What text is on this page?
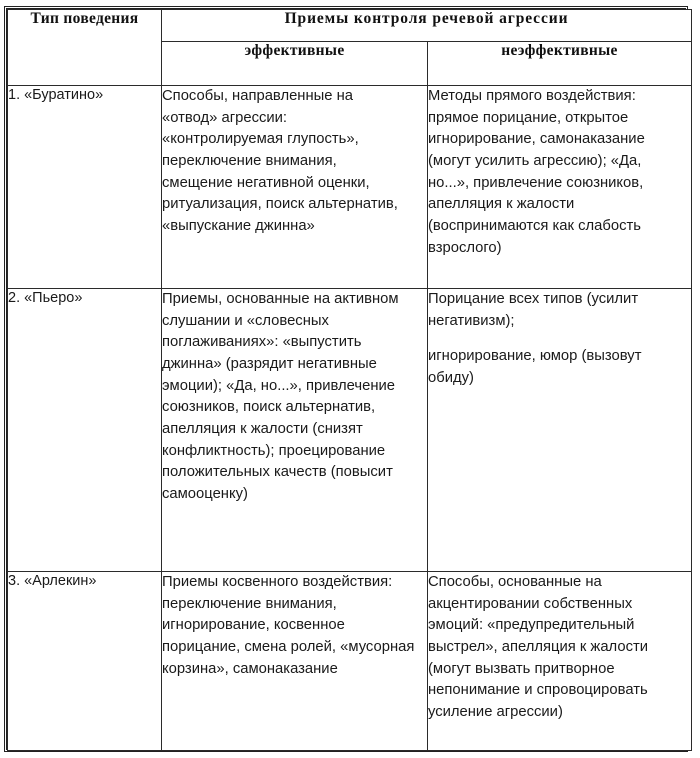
Тип поведения	Приемы контроля речевой агрессии	
	эффективные	неэффективные
1. «Буратино»	Способы, направленные на «отвод» агрессии: «контролируемая глупость», переключение внимания, смещение негативной оценки, ритуализация, поиск альтернатив, «выпускание джинна»	Методы прямого воздействия: прямое порицание, открытое игнорирование, самонаказание (могут усилить агрессию); «Да, но...», привлечение союзников, апелляция к жалости (воспринимаются как слабость взрослого)

2. «Пьеро»	Приемы, основанные на активном слушании и «словесных поглаживаниях»: «выпустить джинна» (разрядит негативные эмоции); «Да, но...», привлечение союзников, поиск альтернатив, апелляция к жалости (снизят конфликтность); проецирование положительных качеств (повысит самооценку)	Порицание всех типов (усилит негативизм);

игнорирование, юмор (вызовут обиду)

3. «Арлекин»	Приемы косвенного воздействия: переключение внимания, игнорирование, косвенное порицание, смена ролей, «мусорная корзина», самонаказание	Способы, основанные на акцентировании собственных эмоций: «предупредительный выстрел», апелляция к жалости (могут вызвать притворное непонимание и спровоцировать усиление агрессии)
